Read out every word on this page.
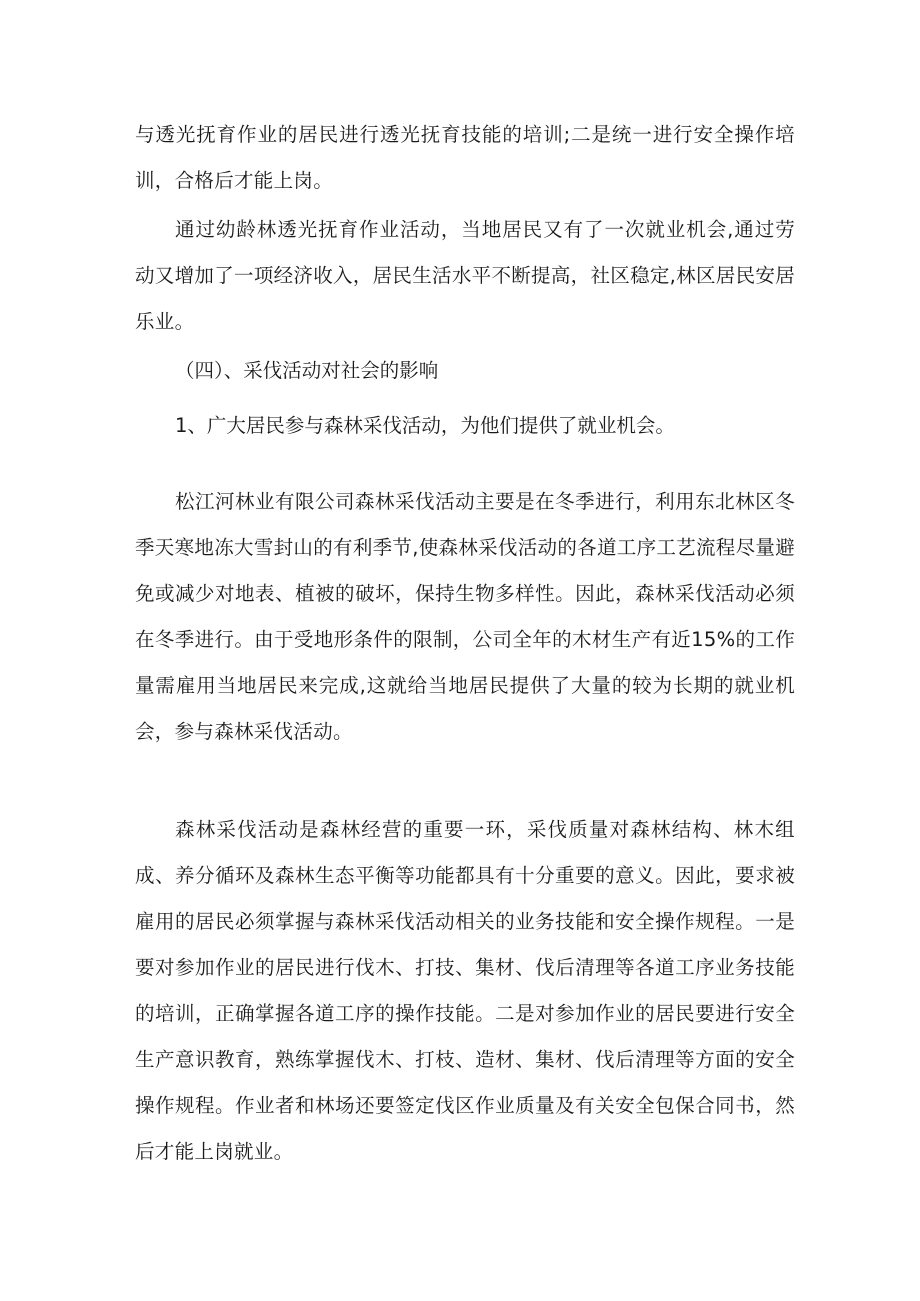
与透光抚育作业的居民进行透光抚育技能的培训;二是统一进行安全操作培训，合格后才能上岗。

通过幼龄林透光抚育作业活动，当地居民又有了一次就业机会,通过劳动又增加了一项经济收入，居民生活水平不断提高，社区稳定,林区居民安居乐业。

（四）、采伐活动对社会的影响

1、广大居民参与森林采伐活动，为他们提供了就业机会。

松江河林业有限公司森林采伐活动主要是在冬季进行，利用东北林区冬季天寒地冻大雪封山的有利季节,使森林采伐活动的各道工序工艺流程尽量避免或减少对地表、植被的破坏，保持生物多样性。因此，森林采伐活动必须在冬季进行。由于受地形条件的限制，公司全年的木材生产有近15%的工作量需雇用当地居民来完成,这就给当地居民提供了大量的较为长期的就业机会，参与森林采伐活动。

森林采伐活动是森林经营的重要一环，采伐质量对森林结构、林木组成、养分循环及森林生态平衡等功能都具有十分重要的意义。因此，要求被雇用的居民必须掌握与森林采伐活动相关的业务技能和安全操作规程。一是要对参加作业的居民进行伐木、打技、集材、伐后清理等各道工序业务技能的培训，正确掌握各道工序的操作技能。二是对参加作业的居民要进行安全生产意识教育，熟练掌握伐木、打枝、造材、集材、伐后清理等方面的安全操作规程。作业者和林场还要签定伐区作业质量及有关安全包保合同书，然后才能上岗就业。
